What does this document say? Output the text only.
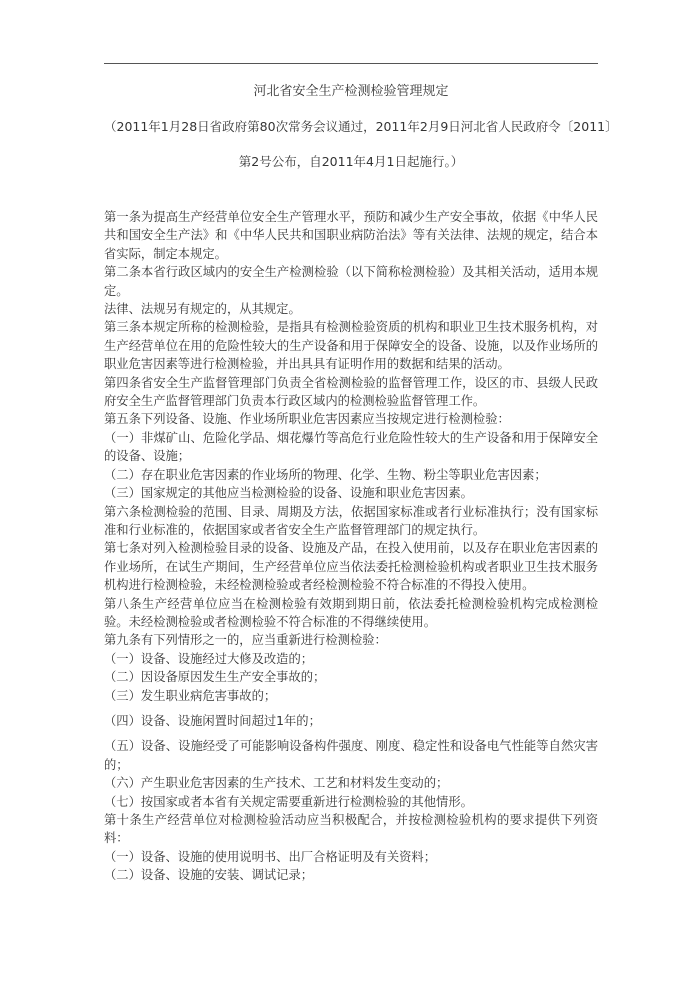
河北省安全生产检测检验管理规定
（2011年1月28日省政府第80次常务会议通过，2011年2月9日河北省人民政府令〔2011〕
第2号公布，自2011年4月1日起施行。）

第一条为提高生产经营单位安全生产管理水平，预防和减少生产安全事故，依据《中华人民共和国安全生产法》和《中华人民共和国职业病防治法》等有关法律、法规的规定，结合本省实际，制定本规定。

第二条本省行政区域内的安全生产检测检验（以下简称检测检验）及其相关活动，适用本规定。

法律、法规另有规定的，从其规定。

第三条本规定所称的检测检验，是指具有检测检验资质的机构和职业卫生技术服务机构，对生产经营单位在用的危险性较大的生产设备和用于保障安全的设备、设施，以及作业场所的职业危害因素等进行检测检验，并出具具有证明作用的数据和结果的活动。

第四条省安全生产监督管理部门负责全省检测检验的监督管理工作，设区的市、县级人民政府安全生产监督管理部门负责本行政区域内的检测检验监督管理工作。

第五条下列设备、设施、作业场所职业危害因素应当按规定进行检测检验：

（一）非煤矿山、危险化学品、烟花爆竹等高危行业危险性较大的生产设备和用于保障安全的设备、设施；

（二）存在职业危害因素的作业场所的物理、化学、生物、粉尘等职业危害因素；

（三）国家规定的其他应当检测检验的设备、设施和职业危害因素。

第六条检测检验的范围、目录、周期及方法，依据国家标准或者行业标准执行；没有国家标准和行业标准的，依据国家或者省安全生产监督管理部门的规定执行。

第七条对列入检测检验目录的设备、设施及产品，在投入使用前，以及存在职业危害因素的作业场所，在试生产期间，生产经营单位应当依法委托检测检验机构或者职业卫生技术服务机构进行检测检验，未经检测检验或者经检测检验不符合标准的不得投入使用。

第八条生产经营单位应当在检测检验有效期到期日前，依法委托检测检验机构完成检测检验。未经检测检验或者检测检验不符合标准的不得继续使用。

第九条有下列情形之一的，应当重新进行检测检验：

（一）设备、设施经过大修及改造的；

（二）因设备原因发生生产安全事故的；

（三）发生职业病危害事故的；

（四）设备、设施闲置时间超过1年的；

（五）设备、设施经受了可能影响设备构件强度、刚度、稳定性和设备电气性能等自然灾害的；

（六）产生职业危害因素的生产技术、工艺和材料发生变动的；

（七）按国家或者本省有关规定需要重新进行检测检验的其他情形。

第十条生产经营单位对检测检验活动应当积极配合，并按检测检验机构的要求提供下列资料：

（一）设备、设施的使用说明书、出厂合格证明及有关资料；

（二）设备、设施的安装、调试记录；
